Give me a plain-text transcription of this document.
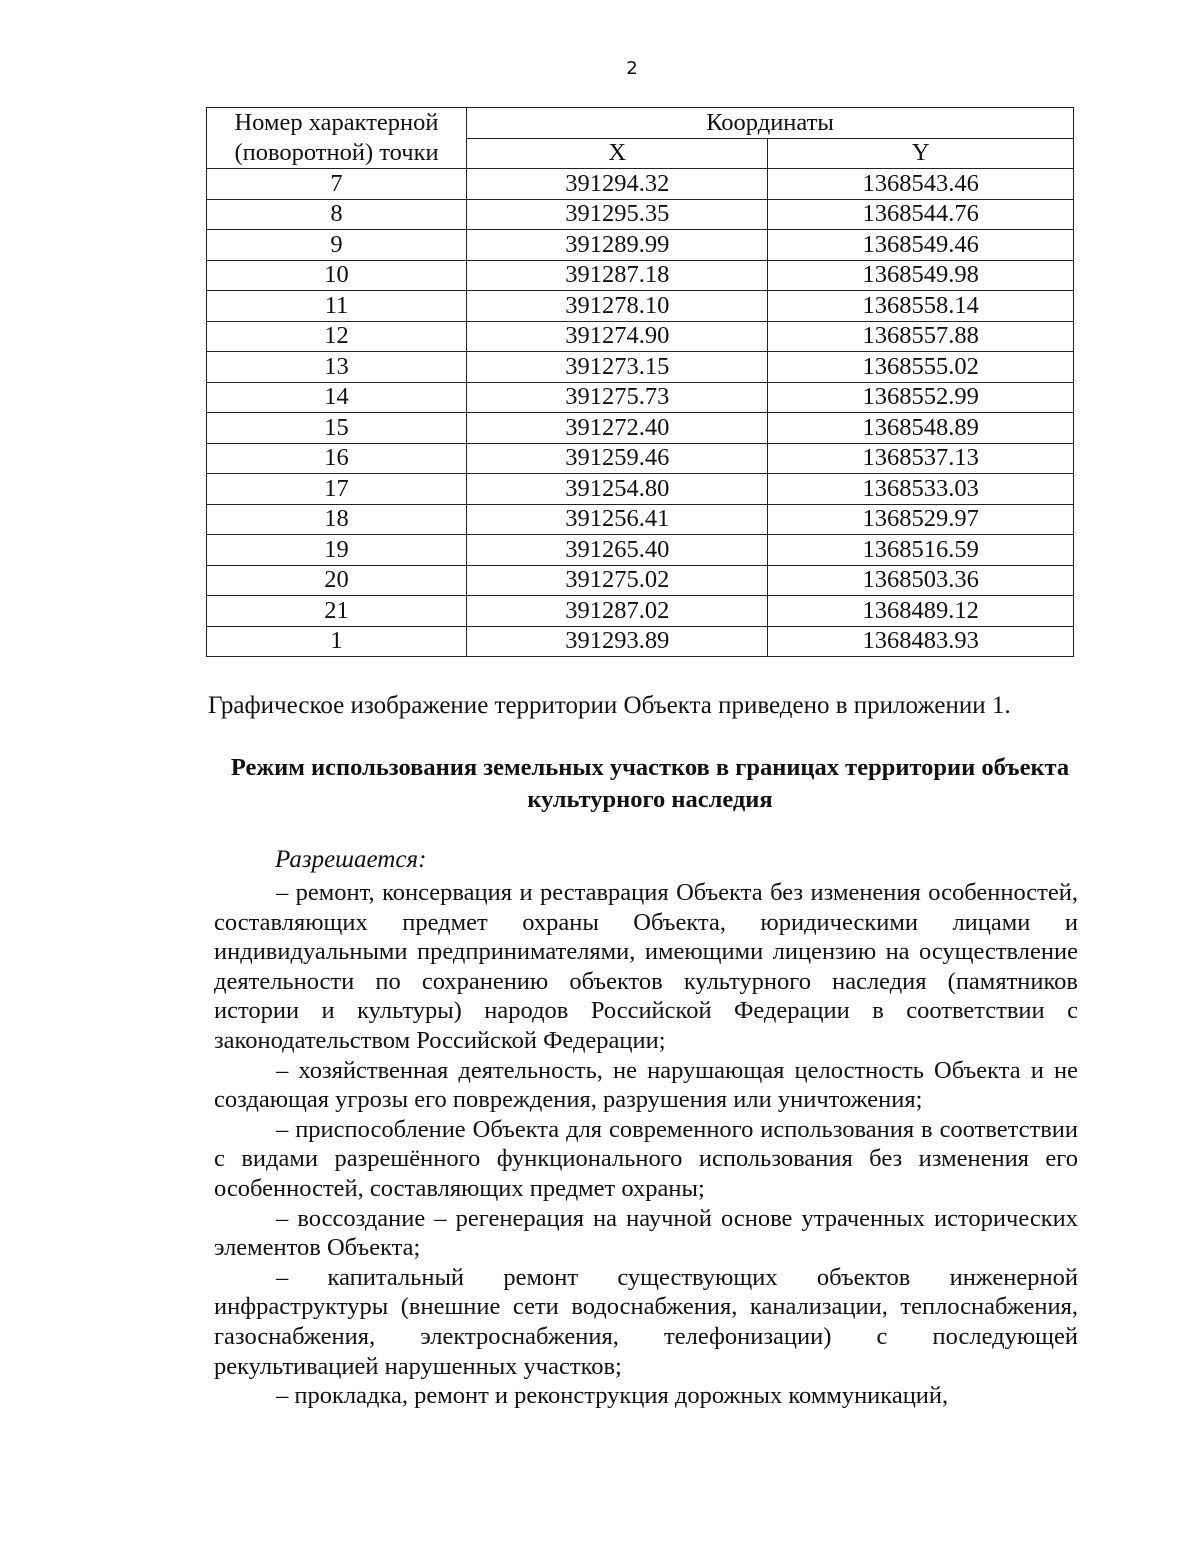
2
Номер характерной (поворотной) точки	Координаты	
	X	Y
7	391294.32	1368543.46
8	391295.35	1368544.76
9	391289.99	1368549.46
10	391287.18	1368549.98
11	391278.10	1368558.14
12	391274.90	1368557.88
13	391273.15	1368555.02
14	391275.73	1368552.99
15	391272.40	1368548.89
16	391259.46	1368537.13
17	391254.80	1368533.03
18	391256.41	1368529.97
19	391265.40	1368516.59
20	391275.02	1368503.36
21	391287.02	1368489.12
1	391293.89	1368483.93
Графическое изображение территории Объекта приведено в приложении 1.
Режим использования земельных участков в границах территории объекта культурного наследия
Разрешается:

– ремонт, консервация и реставрация Объекта без изменения особенностей, составляющих предмет охраны Объекта, юридическими лицами и индивидуальными предпринимателями, имеющими лицензию на осуществление деятельности по сохранению объектов культурного наследия (памятников истории и культуры) народов Российской Федерации в соответствии с законодательством Российской Федерации;

– хозяйственная деятельность, не нарушающая целостность Объекта и не создающая угрозы его повреждения, разрушения или уничтожения;

– приспособление Объекта для современного использования в соответствии с видами разрешённого функционального использования без изменения его особенностей, составляющих предмет охраны;

– воссоздание – регенерация на научной основе утраченных исторических элементов Объекта;

– капитальный ремонт существующих объектов инженерной инфраструктуры (внешние сети водоснабжения, канализации, теплоснабжения, газоснабжения, электроснабжения, телефонизации) с последующей рекультивацией нарушенных участков;

– прокладка, ремонт и реконструкция дорожных коммуникаций,
